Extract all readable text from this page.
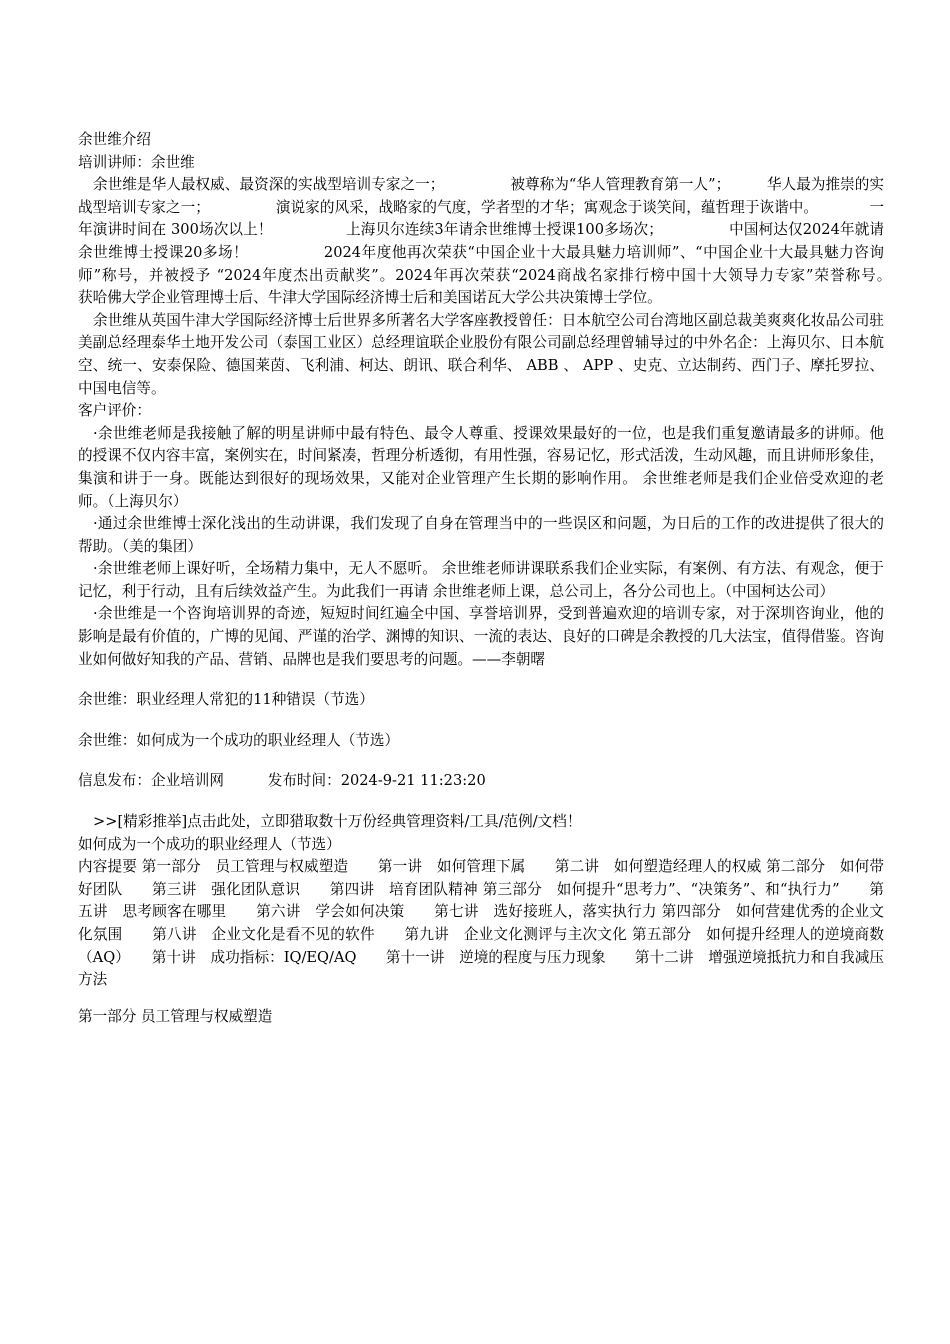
余世维介绍

培训讲师：余世维

余世维是华人最权威、最资深的实战型培训专家之一；　　　　　被尊称为“华人管理教育第一人”；　　　华人最为推崇的实战型培训专家之一；　　　　　演说家的风采，战略家的气度，学者型的才华；寓观念于谈笑间，蕴哲理于诙谐中。　　　　一年演讲时间在 300场次以上！　　　　　上海贝尔连续3年请余世维博士授课100多场次；　　　　　中国柯达仅2024年就请余世维博士授课20多场！　　　　　2024年度他再次荣获“中国企业十大最具魅力培训师”、“中国企业十大最具魅力咨询师”称号，并被授予 “2024年度杰出贡献奖”。2024年再次荣获“2024商战名家排行榜中国十大领导力专家”荣誉称号。　　　　获哈佛大学企业管理博士后、牛津大学国际经济博士后和美国诺瓦大学公共决策博士学位。

余世维从英国牛津大学国际经济博士后世界多所著名大学客座教授曾任：日本航空公司台湾地区副总裁美爽爽化妆品公司驻美副总经理泰华土地开发公司（泰国工业区）总经理谊联企业股份有限公司副总经理曾辅导过的中外名企：上海贝尔、日本航空、统一、安泰保险、德国莱茵、飞利浦、柯达、朗讯、联合利华、 ABB 、 APP 、史克、立达制药、西门子、摩托罗拉、中国电信等。

客户评价：

·余世维老师是我接触了解的明星讲师中最有特色、最令人尊重、授课效果最好的一位，也是我们重复邀请最多的讲师。他的授课不仅内容丰富，案例实在，时间紧凑，哲理分析透彻，有用性强，容易记忆，形式活泼，生动风趣，而且讲师形象佳，集演和讲于一身。既能达到很好的现场效果，又能对企业管理产生长期的影响作用。 余世维老师是我们企业倍受欢迎的老师。（上海贝尔）

·通过余世维博士深化浅出的生动讲课，我们发现了自身在管理当中的一些误区和问题，为日后的工作的改进提供了很大的帮助。（美的集团）

·余世维老师上课好听，全场精力集中，无人不愿听。 余世维老师讲课联系我们企业实际，有案例、有方法、有观念，便于记忆，利于行动，且有后续效益产生。为此我们一再请 余世维老师上课，总公司上，各分公司也上。（中国柯达公司）

·余世维是一个咨询培训界的奇迹，短短时间红遍全中国、享誉培训界，受到普遍欢迎的培训专家，对于深圳咨询业，他的影响是最有价值的，广博的见闻、严谨的治学、渊博的知识、一流的表达、良好的口碑是余教授的几大法宝，值得借鉴。咨询业如何做好知我的产品、营销、品牌也是我们要思考的问题。——李朝曙

余世维：职业经理人常犯的11种错误（节选）

余世维：如何成为一个成功的职业经理人（节选）

信息发布：企业培训网　　　发布时间：2024-9-21 11:23:20

>>[精彩推举]点击此处，立即猎取数十万份经典管理资料/工具/范例/文档！

如何成为一个成功的职业经理人（节选）

内容提要 第一部分　员工管理与权威塑造　　第一讲　如何管理下属　　第二讲　如何塑造经理人的权威 第二部分　如何带好团队　　第三讲　强化团队意识　　第四讲　培育团队精神 第三部分　如何提升“思考力”、“决策务”、和“执行力”　　第五讲　思考顾客在哪里　　第六讲　学会如何决策　　第七讲　选好接班人，落实执行力 第四部分　如何营建优秀的企业文化氛围　　第八讲　企业文化是看不见的软件　　第九讲　企业文化测评与主次文化 第五部分　如何提升经理人的逆境商数（AQ）　　第十讲　成功指标：IQ/EQ/AQ　　第十一讲　逆境的程度与压力现象　　第十二讲　增强逆境抵抗力和自我减压方法

第一部分 员工管理与权威塑造
